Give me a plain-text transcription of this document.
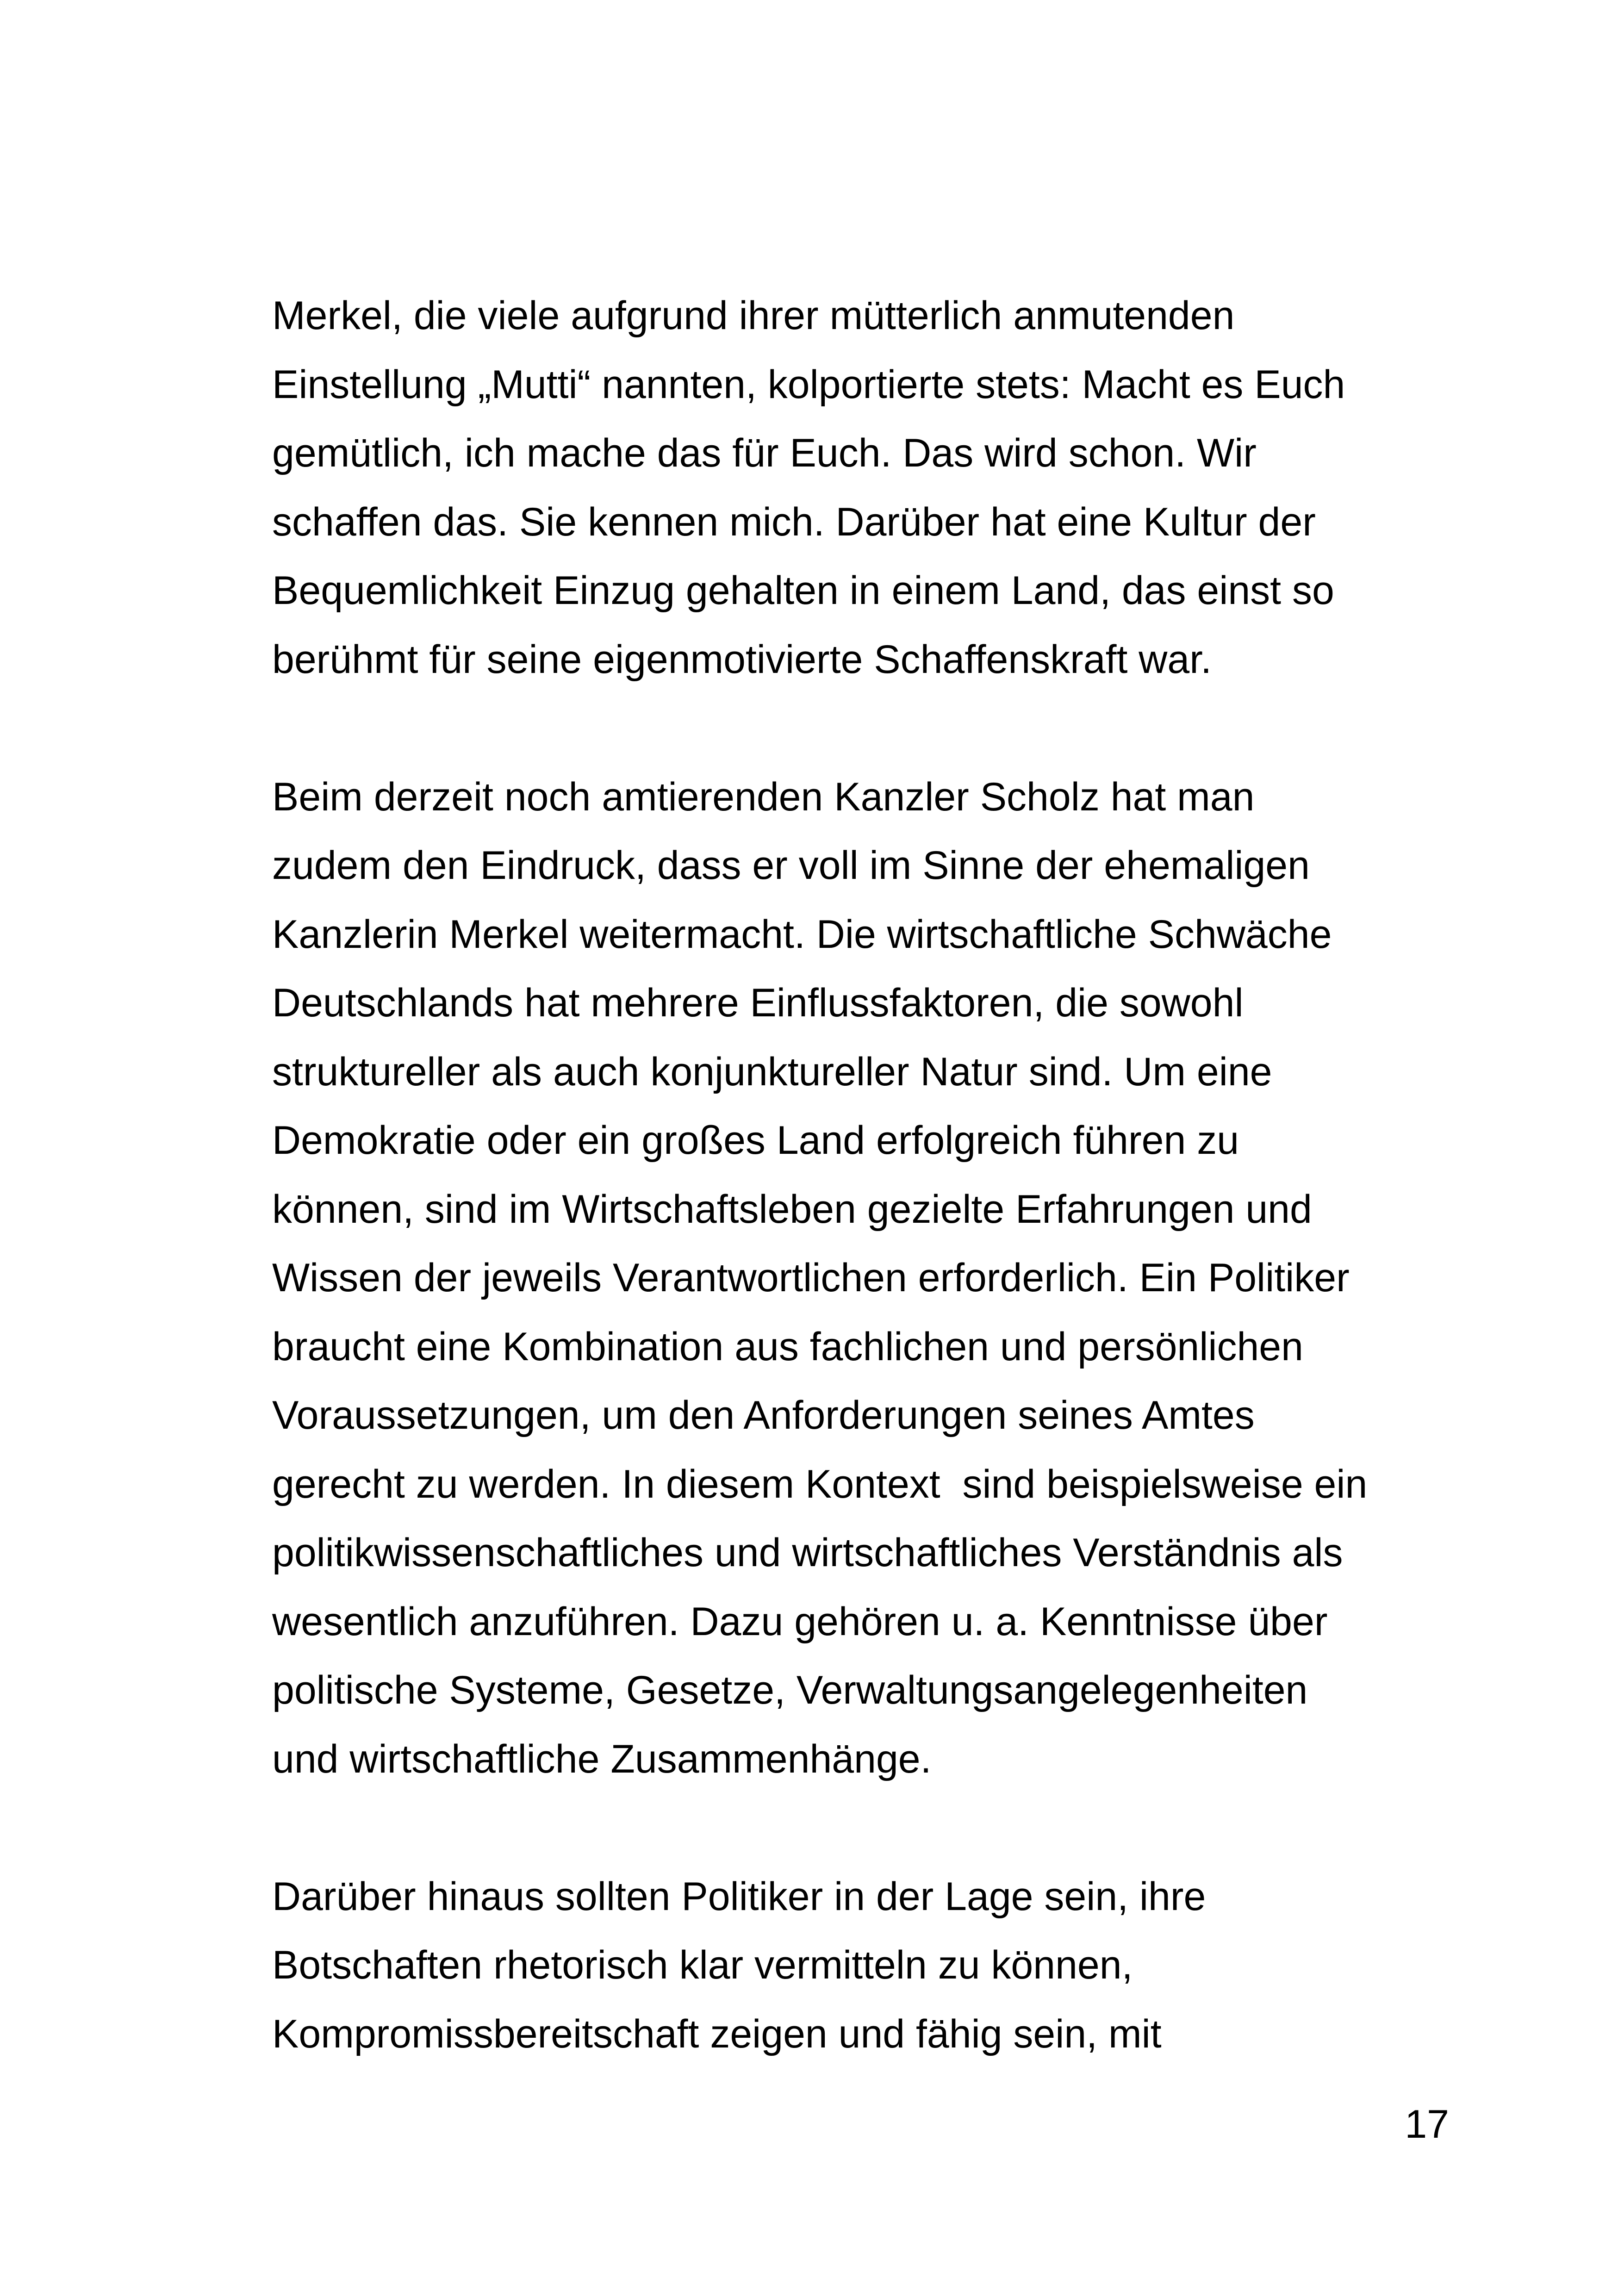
Merkel, die viele aufgrund ihrer mütterlich anmutenden
Einstellung „Mutti“ nannten, kolportierte stets: Macht es Euch
gemütlich, ich mache das für Euch. Das wird schon. Wir
schaffen das. Sie kennen mich. Darüber hat eine Kultur der
Bequemlichkeit Einzug gehalten in einem Land, das einst so
berühmt für seine eigenmotivierte Schaffenskraft war.
Beim derzeit noch amtierenden Kanzler Scholz hat man
zudem den Eindruck, dass er voll im Sinne der ehemaligen
Kanzlerin Merkel weitermacht. Die wirtschaftliche Schwäche
Deutschlands hat mehrere Einflussfaktoren, die sowohl
struktureller als auch konjunktureller Natur sind. Um eine
Demokratie oder ein großes Land erfolgreich führen zu
können, sind im Wirtschaftsleben gezielte Erfahrungen und
Wissen der jeweils Verantwortlichen erforderlich. Ein Politiker
braucht eine Kombination aus fachlichen und persönlichen
Voraussetzungen, um den Anforderungen seines Amtes
gerecht zu werden. In diesem Kontext  sind beispielsweise ein
politikwissenschaftliches und wirtschaftliches Verständnis als
wesentlich anzuführen. Dazu gehören u. a. Kenntnisse über
politische Systeme, Gesetze, Verwaltungsangelegenheiten
und wirtschaftliche Zusammenhänge.
Darüber hinaus sollten Politiker in der Lage sein, ihre
Botschaften rhetorisch klar vermitteln zu können,
Kompromissbereitschaft zeigen und fähig sein, mit
17
